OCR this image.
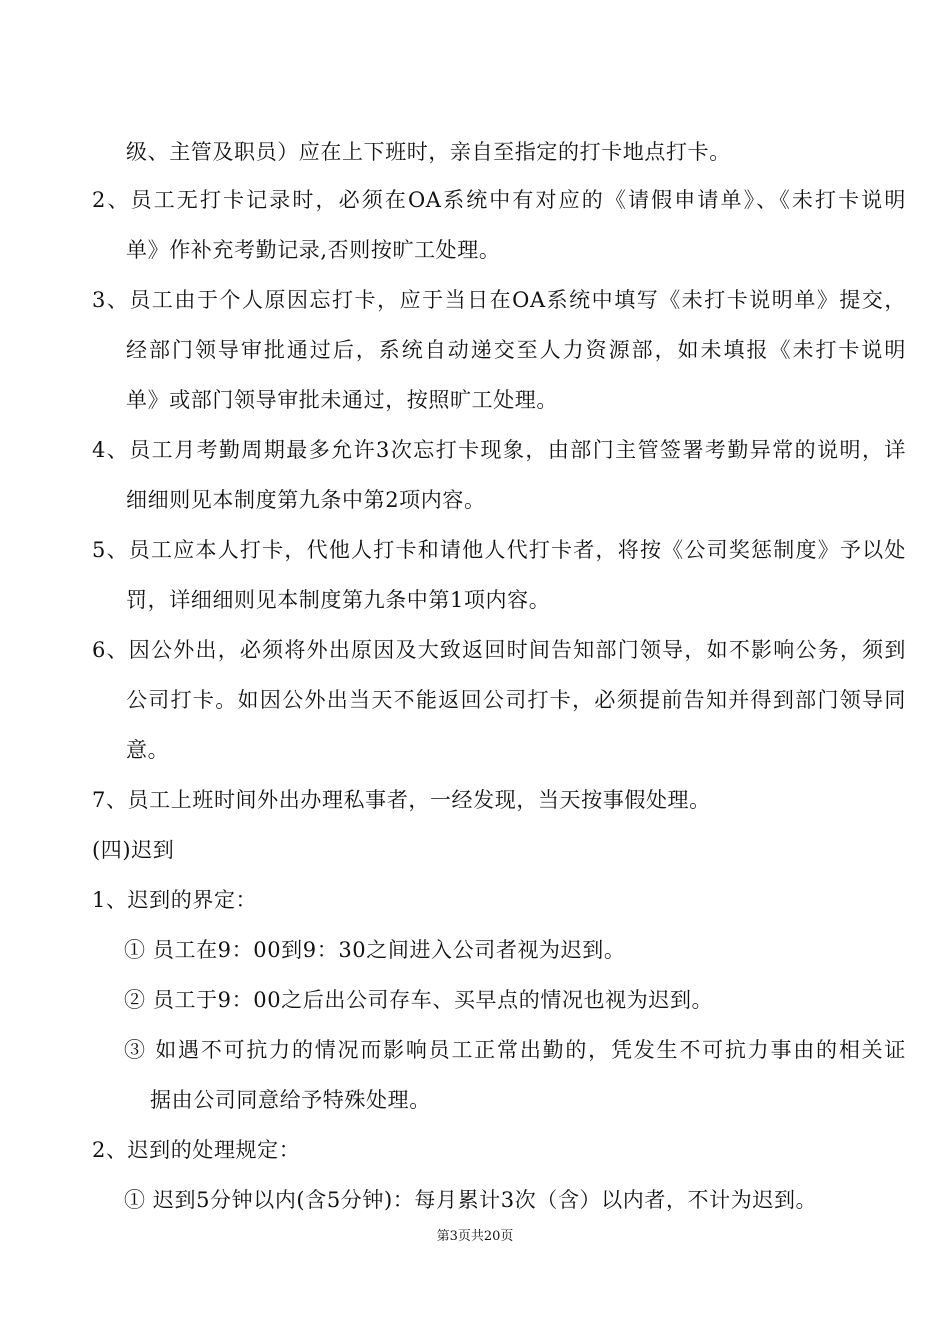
级、主管及职员）应在上下班时，亲自至指定的打卡地点打卡。
2、员工无打卡记录时，必须在OA系统中有对应的《请假申请单》、《未打卡说明
单》作补充考勤记录,否则按旷工处理。
3、员工由于个人原因忘打卡，应于当日在OA系统中填写《未打卡说明单》提交，
经部门领导审批通过后，系统自动递交至人力资源部，如未填报《未打卡说明
单》或部门领导审批未通过，按照旷工处理。
4、员工月考勤周期最多允许3次忘打卡现象，由部门主管签署考勤异常的说明，详
细细则见本制度第九条中第2项内容。
5、员工应本人打卡，代他人打卡和请他人代打卡者，将按《公司奖惩制度》予以处
罚，详细细则见本制度第九条中第1项内容。
6、因公外出，必须将外出原因及大致返回时间告知部门领导，如不影响公务，须到
公司打卡。如因公外出当天不能返回公司打卡，必须提前告知并得到部门领导同
意。
7、员工上班时间外出办理私事者，一经发现，当天按事假处理。
(四)迟到
1、迟到的界定：
① 员工在9：00到9：30之间进入公司者视为迟到。
② 员工于9：00之后出公司存车、买早点的情况也视为迟到。
③ 如遇不可抗力的情况而影响员工正常出勤的，凭发生不可抗力事由的相关证
据由公司同意给予特殊处理。
2、迟到的处理规定：
① 迟到5分钟以内(含5分钟)：每月累计3次（含）以内者，不计为迟到。
第3页共20页
